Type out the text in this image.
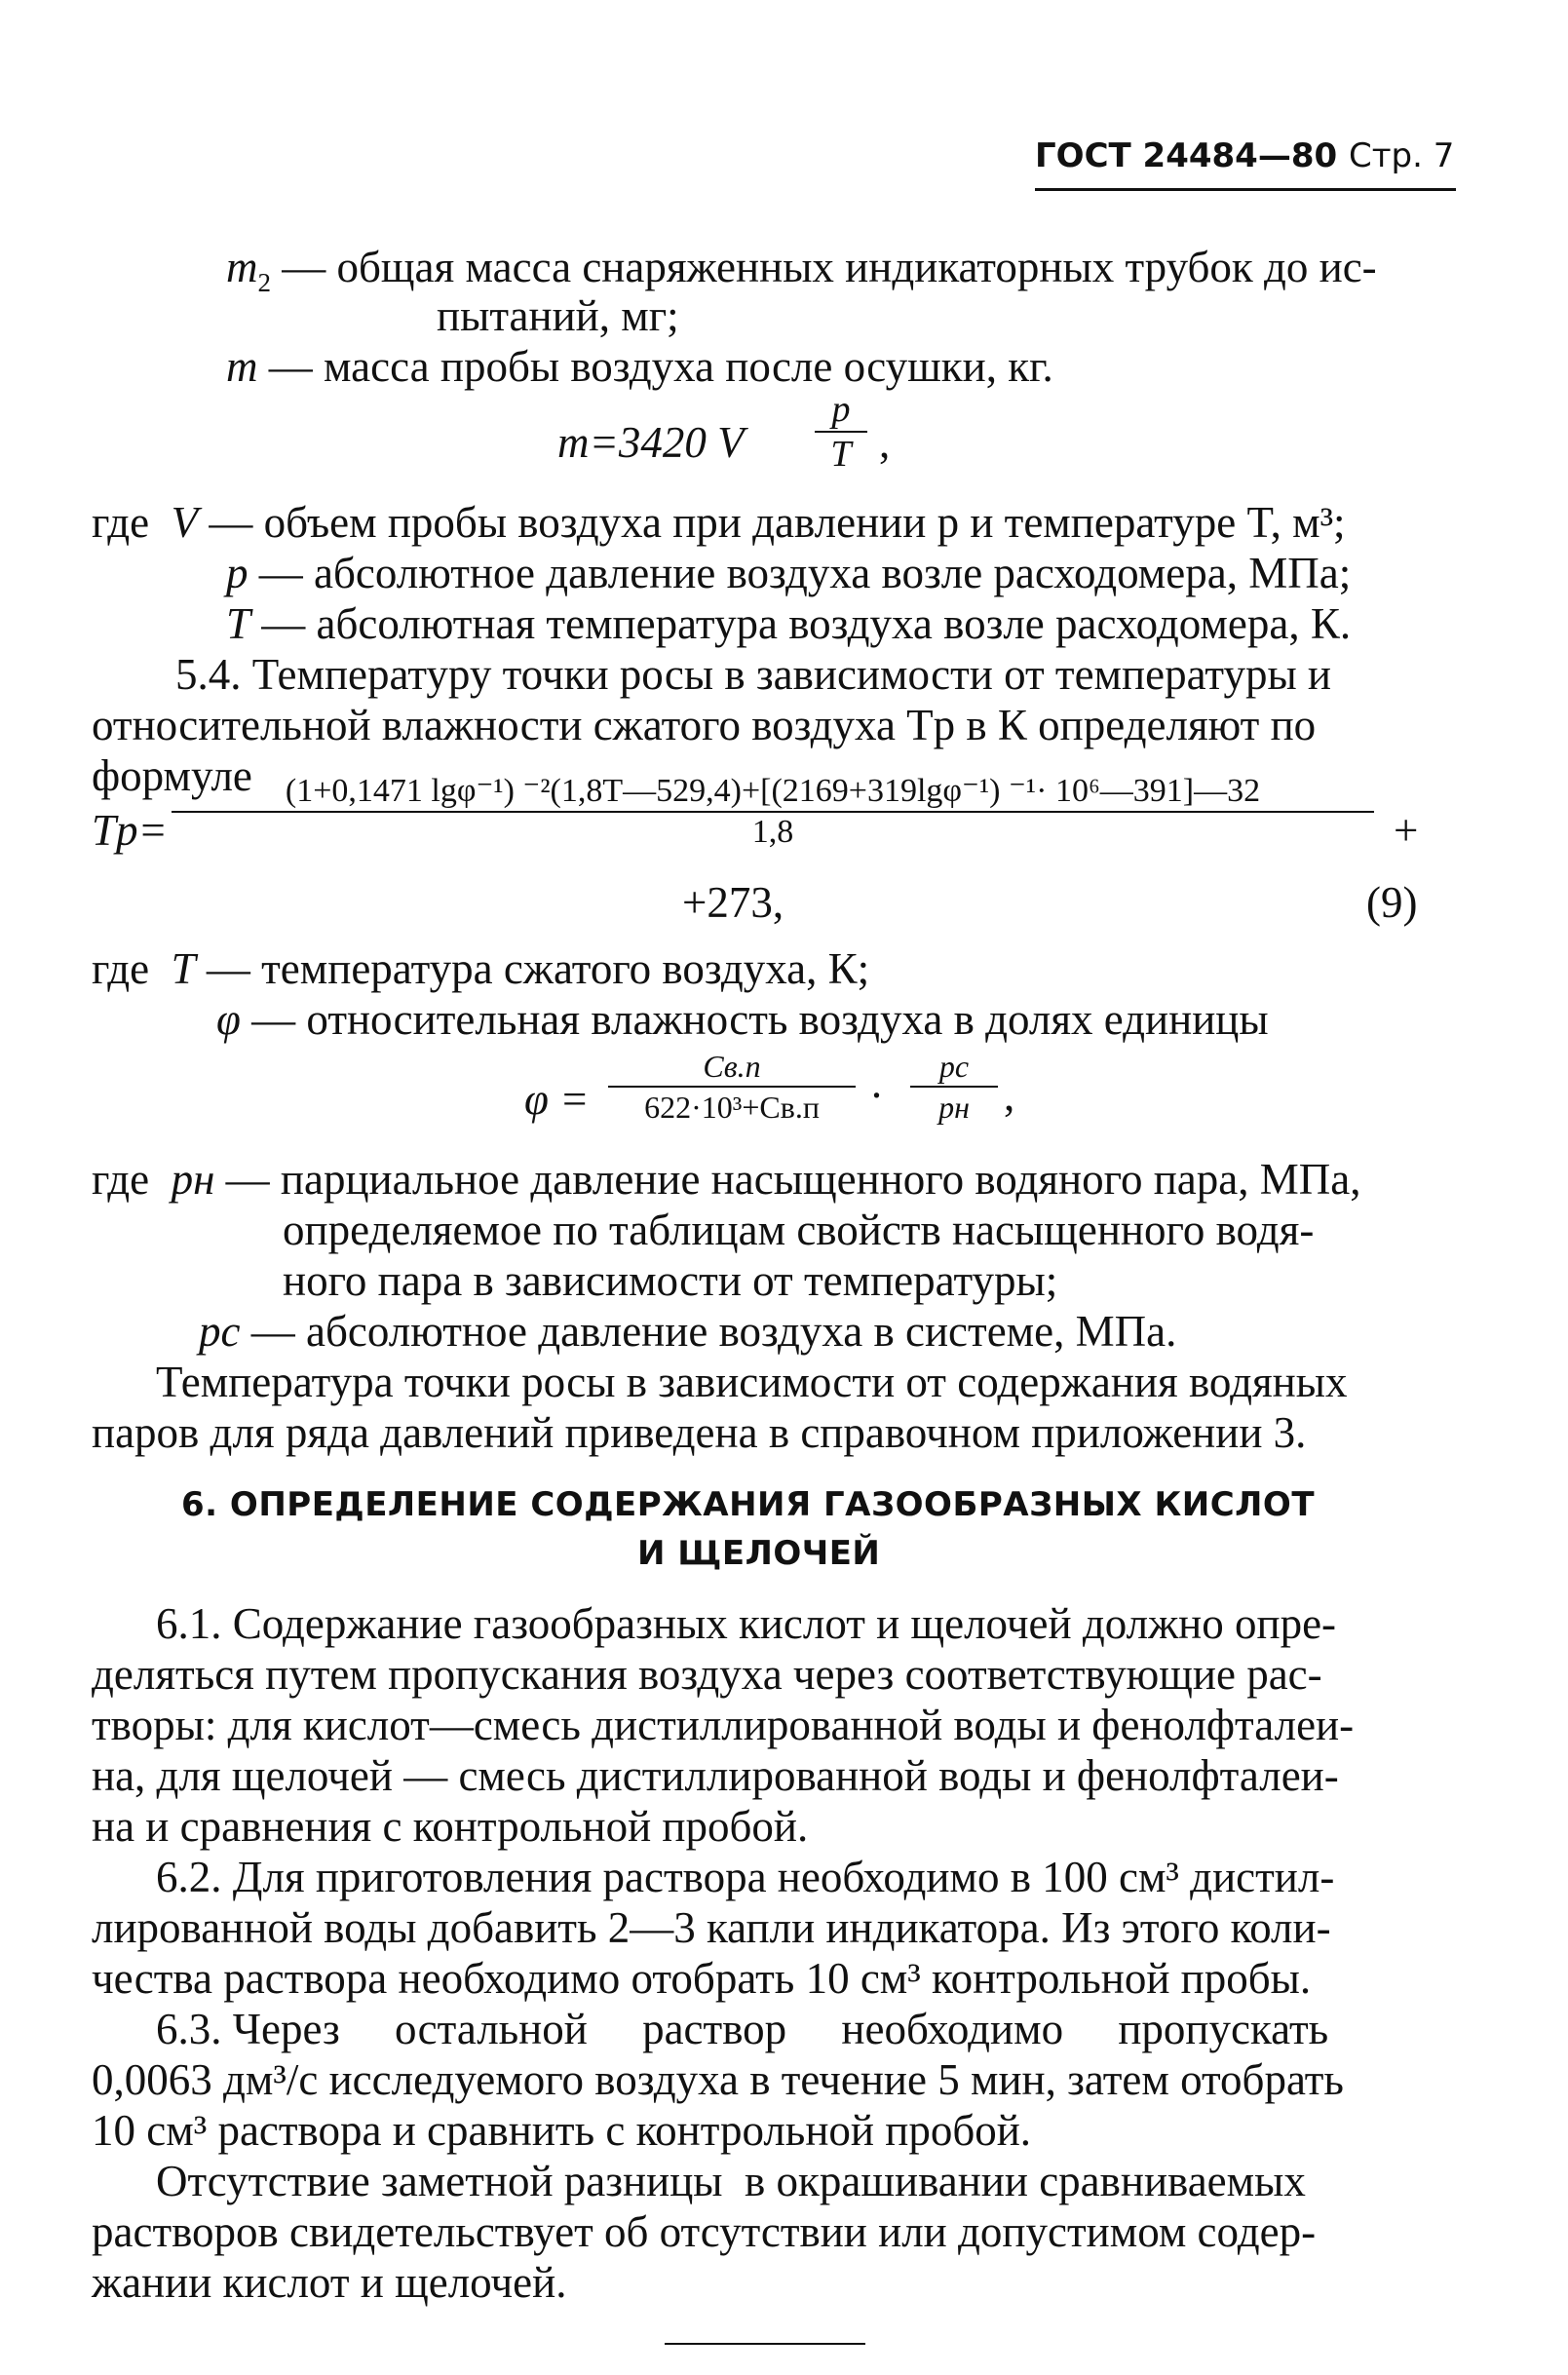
ГОСТ 24484—80 Стр. 7
$m_2$ — общая масса снаряженных индикаторных трубок до ис-
пытаний, мг;
m — масса пробы воздуха после осушки, кг.
m=3420 V
p
T ,
где V — объем пробы воздуха при давлении p и температуре T, м³;
p — абсолютное давление воздуха возле расходомера, МПа;
T — абсолютная температура воздуха возле расходомера, К.
5.4. Температуру точки росы в зависимости от температуры и
относительной влажности сжатого воздуха Tр в К определяют по
формуле
Tр=
(1+0,1471 lgφ⁻¹) ⁻²(1,8T—529,4)+[(2169+319lgφ⁻¹) ⁻¹· 10⁶—391]—32
1,8	+
+273,	(9)
где T — температура сжатого воздуха, К;
φ — относительная влажность воздуха в долях единицы
φ =
Cв.п
622·10³+Cв.п ·
pс
pн ,
где pн — парциальное давление насыщенного водяного пара, МПа,
определяемое по таблицам свойств насыщенного водя-
ного пара в зависимости от температуры;
pс — абсолютное давление воздуха в системе, МПа.
Температура точки росы в зависимости от содержания водяных
паров для ряда давлений приведена в справочном приложении 3.
6. ОПРЕДЕЛЕНИЕ СОДЕРЖАНИЯ ГАЗООБРАЗНЫХ КИСЛОТ
И ЩЕЛОЧЕЙ
6.1. Содержание газообразных кислот и щелочей должно опре-
деляться путем пропускания воздуха через соответствующие рас-
творы: для кислот—смесь дистиллированной воды и фенолфталеи-
на, для щелочей — смесь дистиллированной воды и фенолфталеи-
на и сравнения с контрольной пробой.
6.2. Для приготовления раствора необходимо в 100 см³ дистил-
лированной воды добавить 2—3 капли индикатора. Из этого коли-
чества раствора необходимо отобрать 10 см³ контрольной пробы.
6.3. Через     остальной     раствор     необходимо     пропускать
0,0063 дм³/с исследуемого воздуха в течение 5 мин, затем отобрать
10 см³ раствора и сравнить с контрольной пробой.
Отсутствие заметной разницы  в окрашивании сравниваемых
растворов свидетельствует об отсутствии или допустимом содер-
жании кислот и щелочей.
